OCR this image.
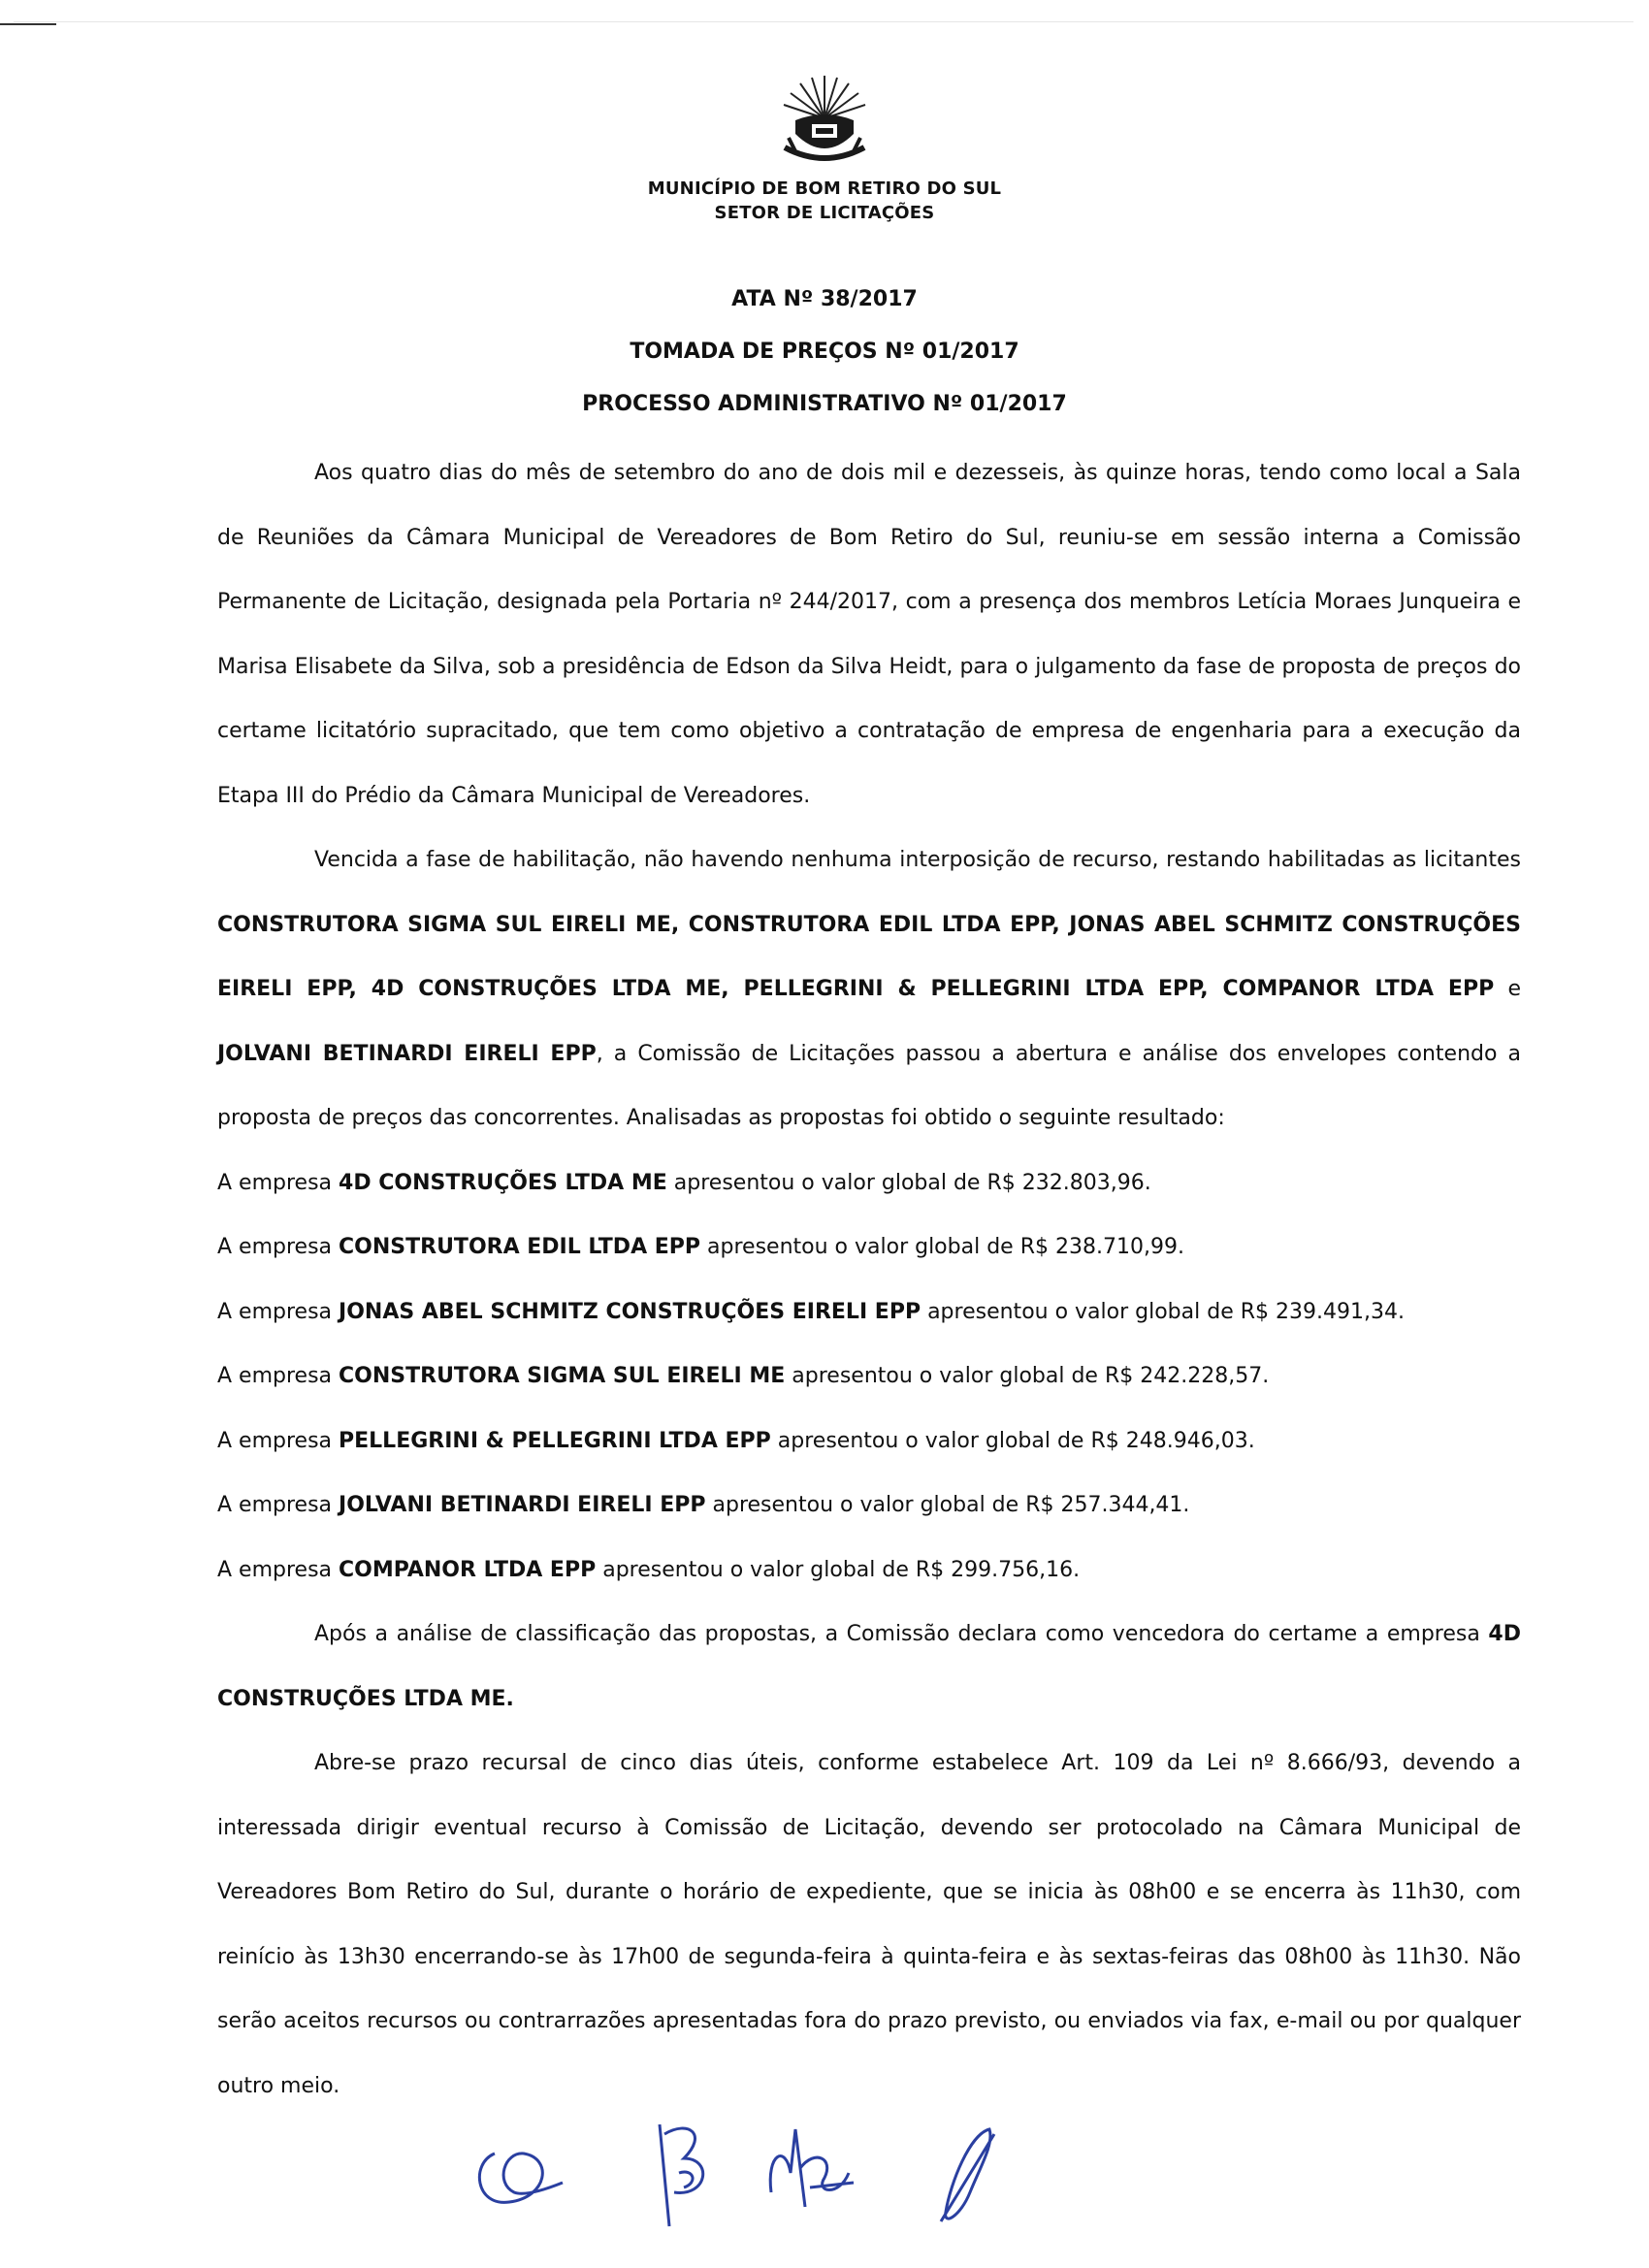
MUNICÍPIO DE BOM RETIRO DO SUL
SETOR DE LICITAÇÕES
ATA Nº 38/2017
TOMADA DE PREÇOS Nº 01/2017
PROCESSO ADMINISTRATIVO Nº 01/2017

Aos quatro dias do mês de setembro do ano de dois mil e dezesseis, às quinze horas, tendo como local a Sala de Reuniões da Câmara Municipal de Vereadores de Bom Retiro do Sul, reuniu-se em sessão interna a Comissão Permanente de Licitação, designada pela Portaria nº 244/2017, com a presença dos membros Letícia Moraes Junqueira e Marisa Elisabete da Silva, sob a presidência de Edson da Silva Heidt, para o julgamento da fase de proposta de preços do certame licitatório supracitado, que tem como objetivo a contratação de empresa de engenharia para a execução da Etapa III do Prédio da Câmara Municipal de Vereadores.

Vencida a fase de habilitação, não havendo nenhuma interposição de recurso, restando habilitadas as licitantes CONSTRUTORA SIGMA SUL EIRELI ME, CONSTRUTORA EDIL LTDA EPP, JONAS ABEL SCHMITZ CONSTRUÇÕES EIRELI EPP, 4D CONSTRUÇÕES LTDA ME, PELLEGRINI & PELLEGRINI LTDA EPP, COMPANOR LTDA EPP e JOLVANI BETINARDI EIRELI EPP, a Comissão de Licitações passou a abertura e análise dos envelopes contendo a proposta de preços das concorrentes. Analisadas as propostas foi obtido o seguinte resultado:

A empresa 4D CONSTRUÇÕES LTDA ME apresentou o valor global de R$ 232.803,96.
A empresa CONSTRUTORA EDIL LTDA EPP apresentou o valor global de R$ 238.710,99.
A empresa JONAS ABEL SCHMITZ CONSTRUÇÕES EIRELI EPP apresentou o valor global de R$ 239.491,34.
A empresa CONSTRUTORA SIGMA SUL EIRELI ME apresentou o valor global de R$ 242.228,57.
A empresa PELLEGRINI & PELLEGRINI LTDA EPP apresentou o valor global de R$ 248.946,03.
A empresa JOLVANI BETINARDI EIRELI EPP apresentou o valor global de R$ 257.344,41.
A empresa COMPANOR LTDA EPP apresentou o valor global de R$ 299.756,16.

Após a análise de classificação das propostas, a Comissão declara como vencedora do certame a empresa 4D CONSTRUÇÕES LTDA ME.

Abre-se prazo recursal de cinco dias úteis, conforme estabelece Art. 109 da Lei nº 8.666/93, devendo a interessada dirigir eventual recurso à Comissão de Licitação, devendo ser protocolado na Câmara Municipal de Vereadores Bom Retiro do Sul, durante o horário de expediente, que se inicia às 08h00 e se encerra às 11h30, com reinício às 13h30 encerrando-se às 17h00 de segunda-feira à quinta-feira e às sextas-feiras das 08h00 às 11h30. Não serão aceitos recursos ou contrarrazões apresentadas fora do prazo previsto, ou enviados via fax, e-mail ou por qualquer outro meio.
